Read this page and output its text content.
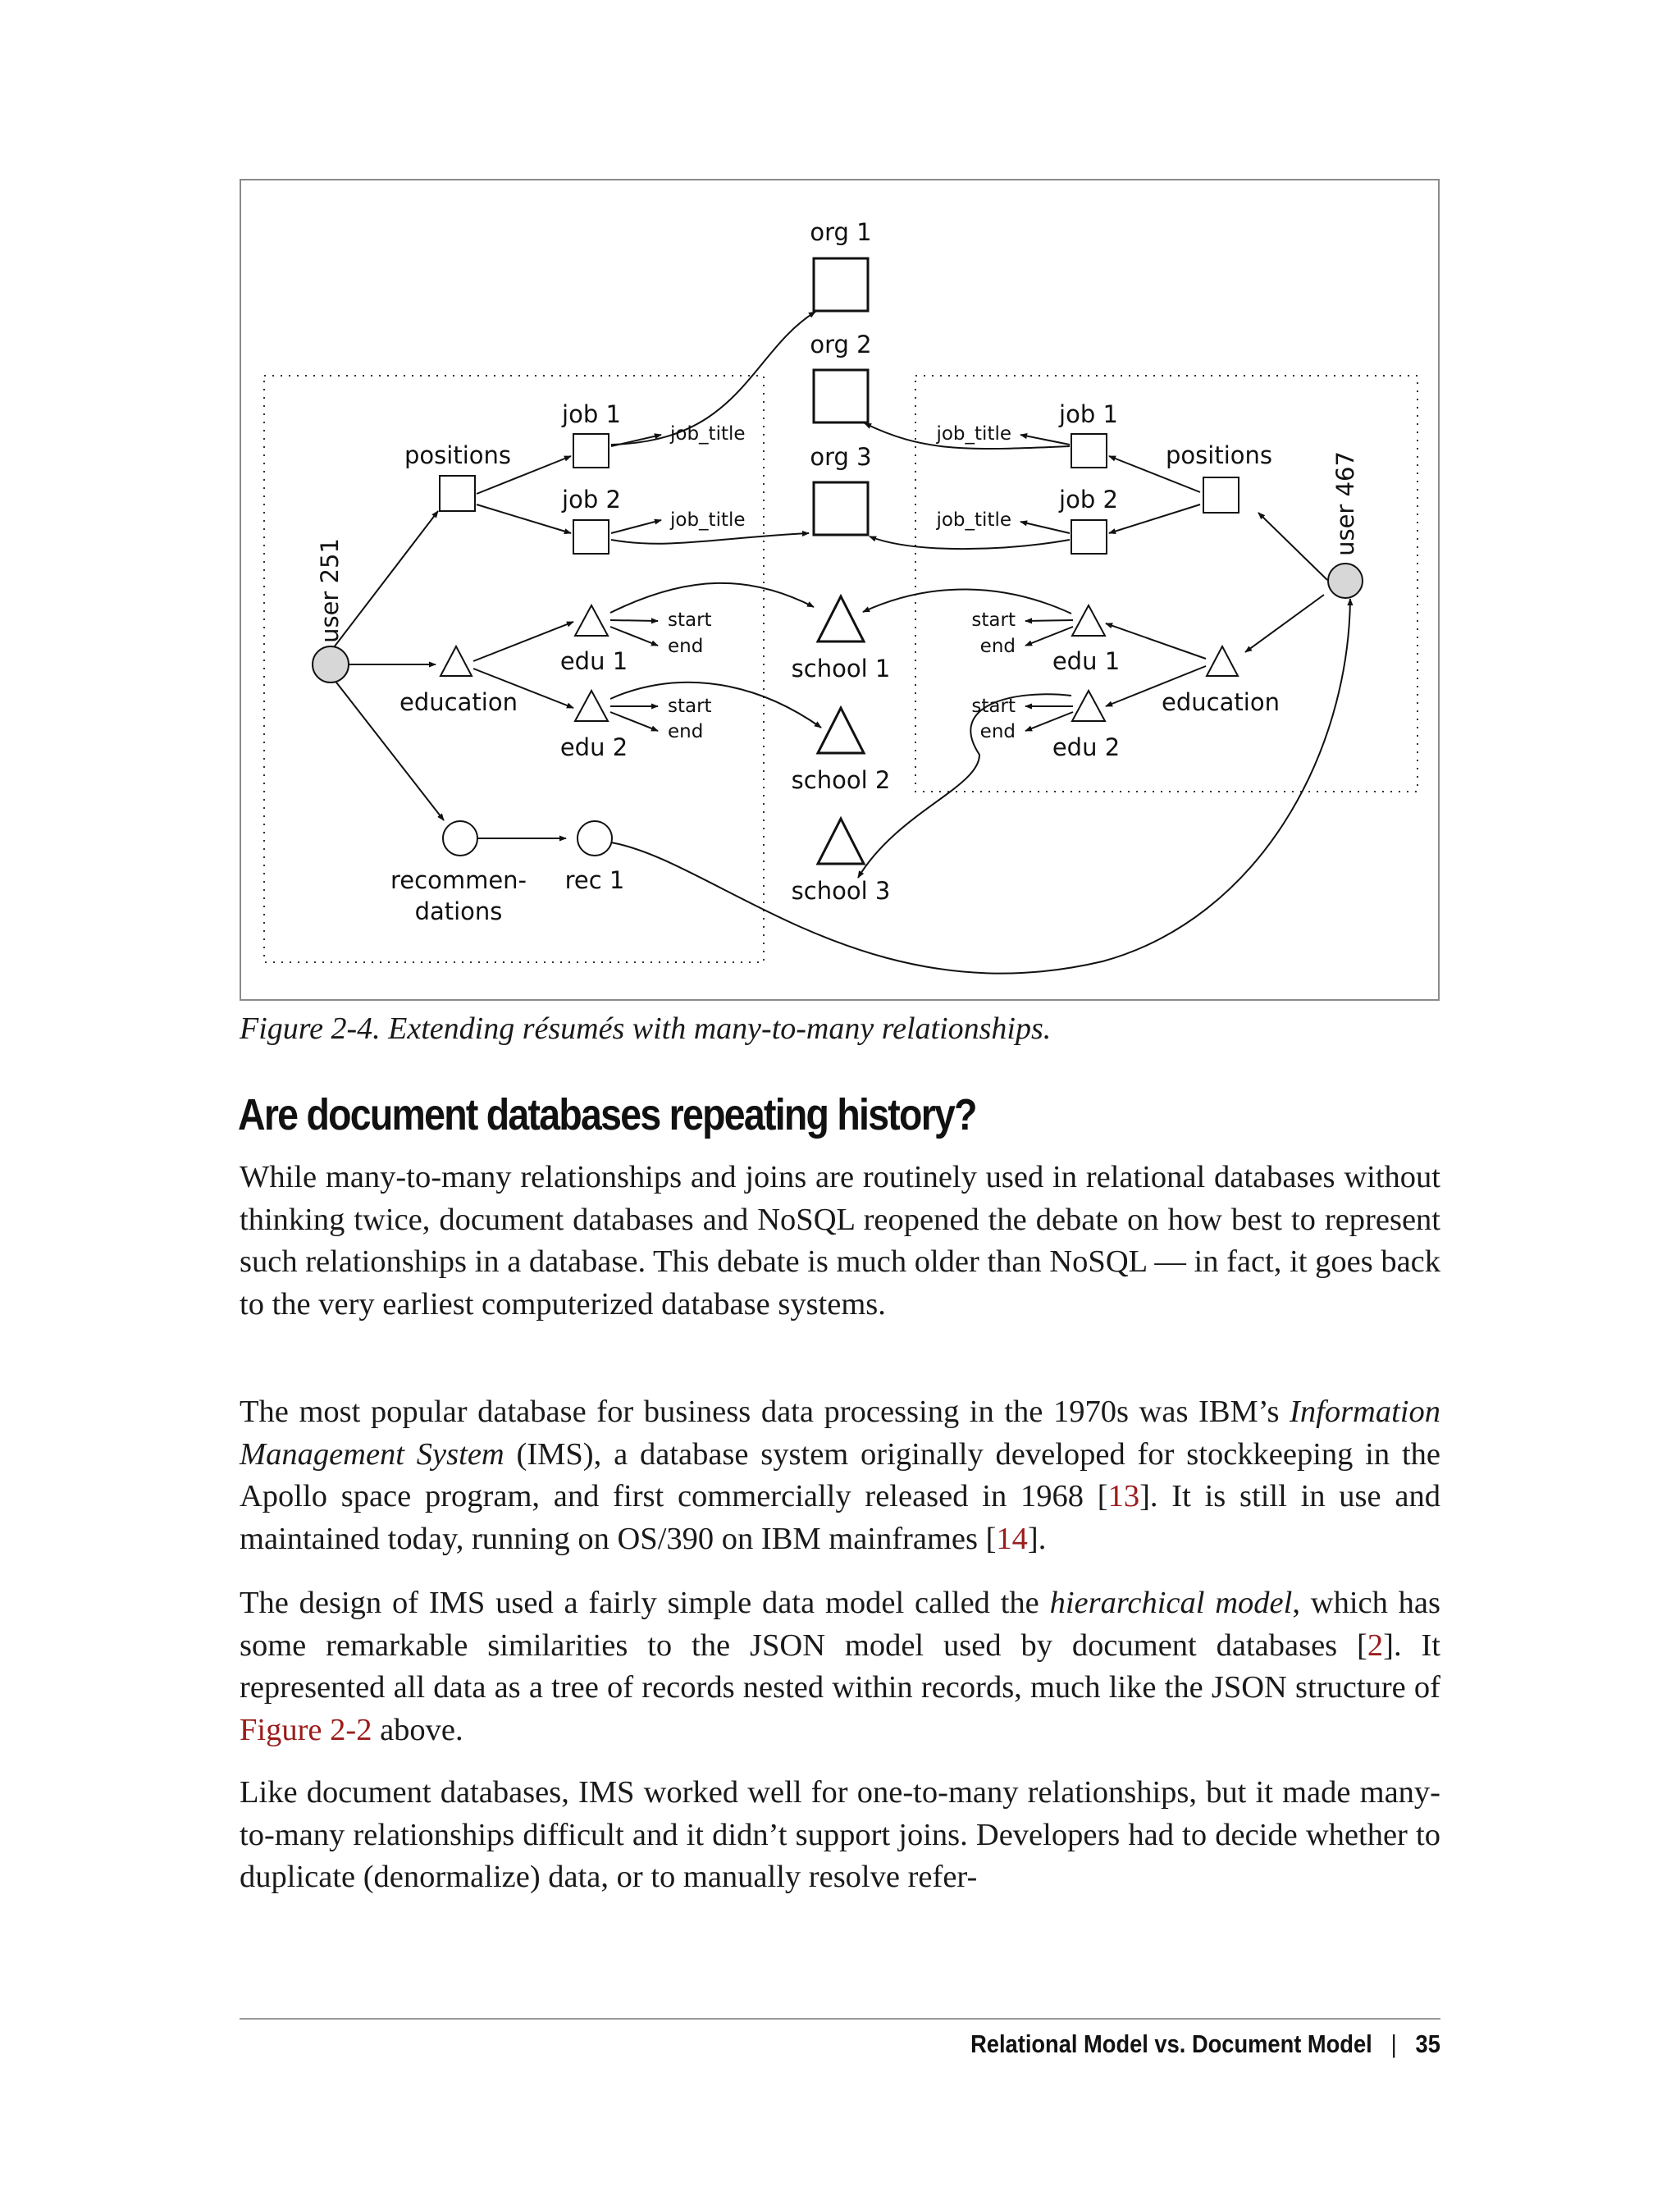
org 1
org 2
org 3
school 1
school 2
school 3
user 251
positions
job 1
job 2
education
edu 1
edu 2
recommen-
dations
rec 1
user 467
positions
job 1
job 2
education
edu 1
edu 2
job_title
job_title
start
end
start
end
job_title
job_title
start
end
start
end
Figure 2-4. Extending résumés with many-to-many relationships.
Are document databases repeating history?

While many-to-many relationships and joins are routinely used in relational databases without thinking twice, document databases and NoSQL reopened the debate on how best to represent such relationships in a database. This debate is much older than NoSQL — in fact, it goes back to the very earliest computerized database systems.

The most popular database for business data processing in the 1970s was IBM’s Information Management System (IMS), a database system originally developed for stockkeeping in the Apollo space program, and first commercially released in 1968 [13]. It is still in use and maintained today, running on OS/390 on IBM mainframes [14].

The design of IMS used a fairly simple data model called the hierarchical model, which has some remarkable similarities to the JSON model used by document databases [2]. It represented all data as a tree of records nested within records, much like the JSON structure of Figure 2-2 above.

Like document databases, IMS worked well for one-to-many relationships, but it made many-to-many relationships difficult and it didn’t support joins. Developers had to decide whether to duplicate (denormalize) data, or to manually resolve refer-

Relational Model vs. Document Model | 35
